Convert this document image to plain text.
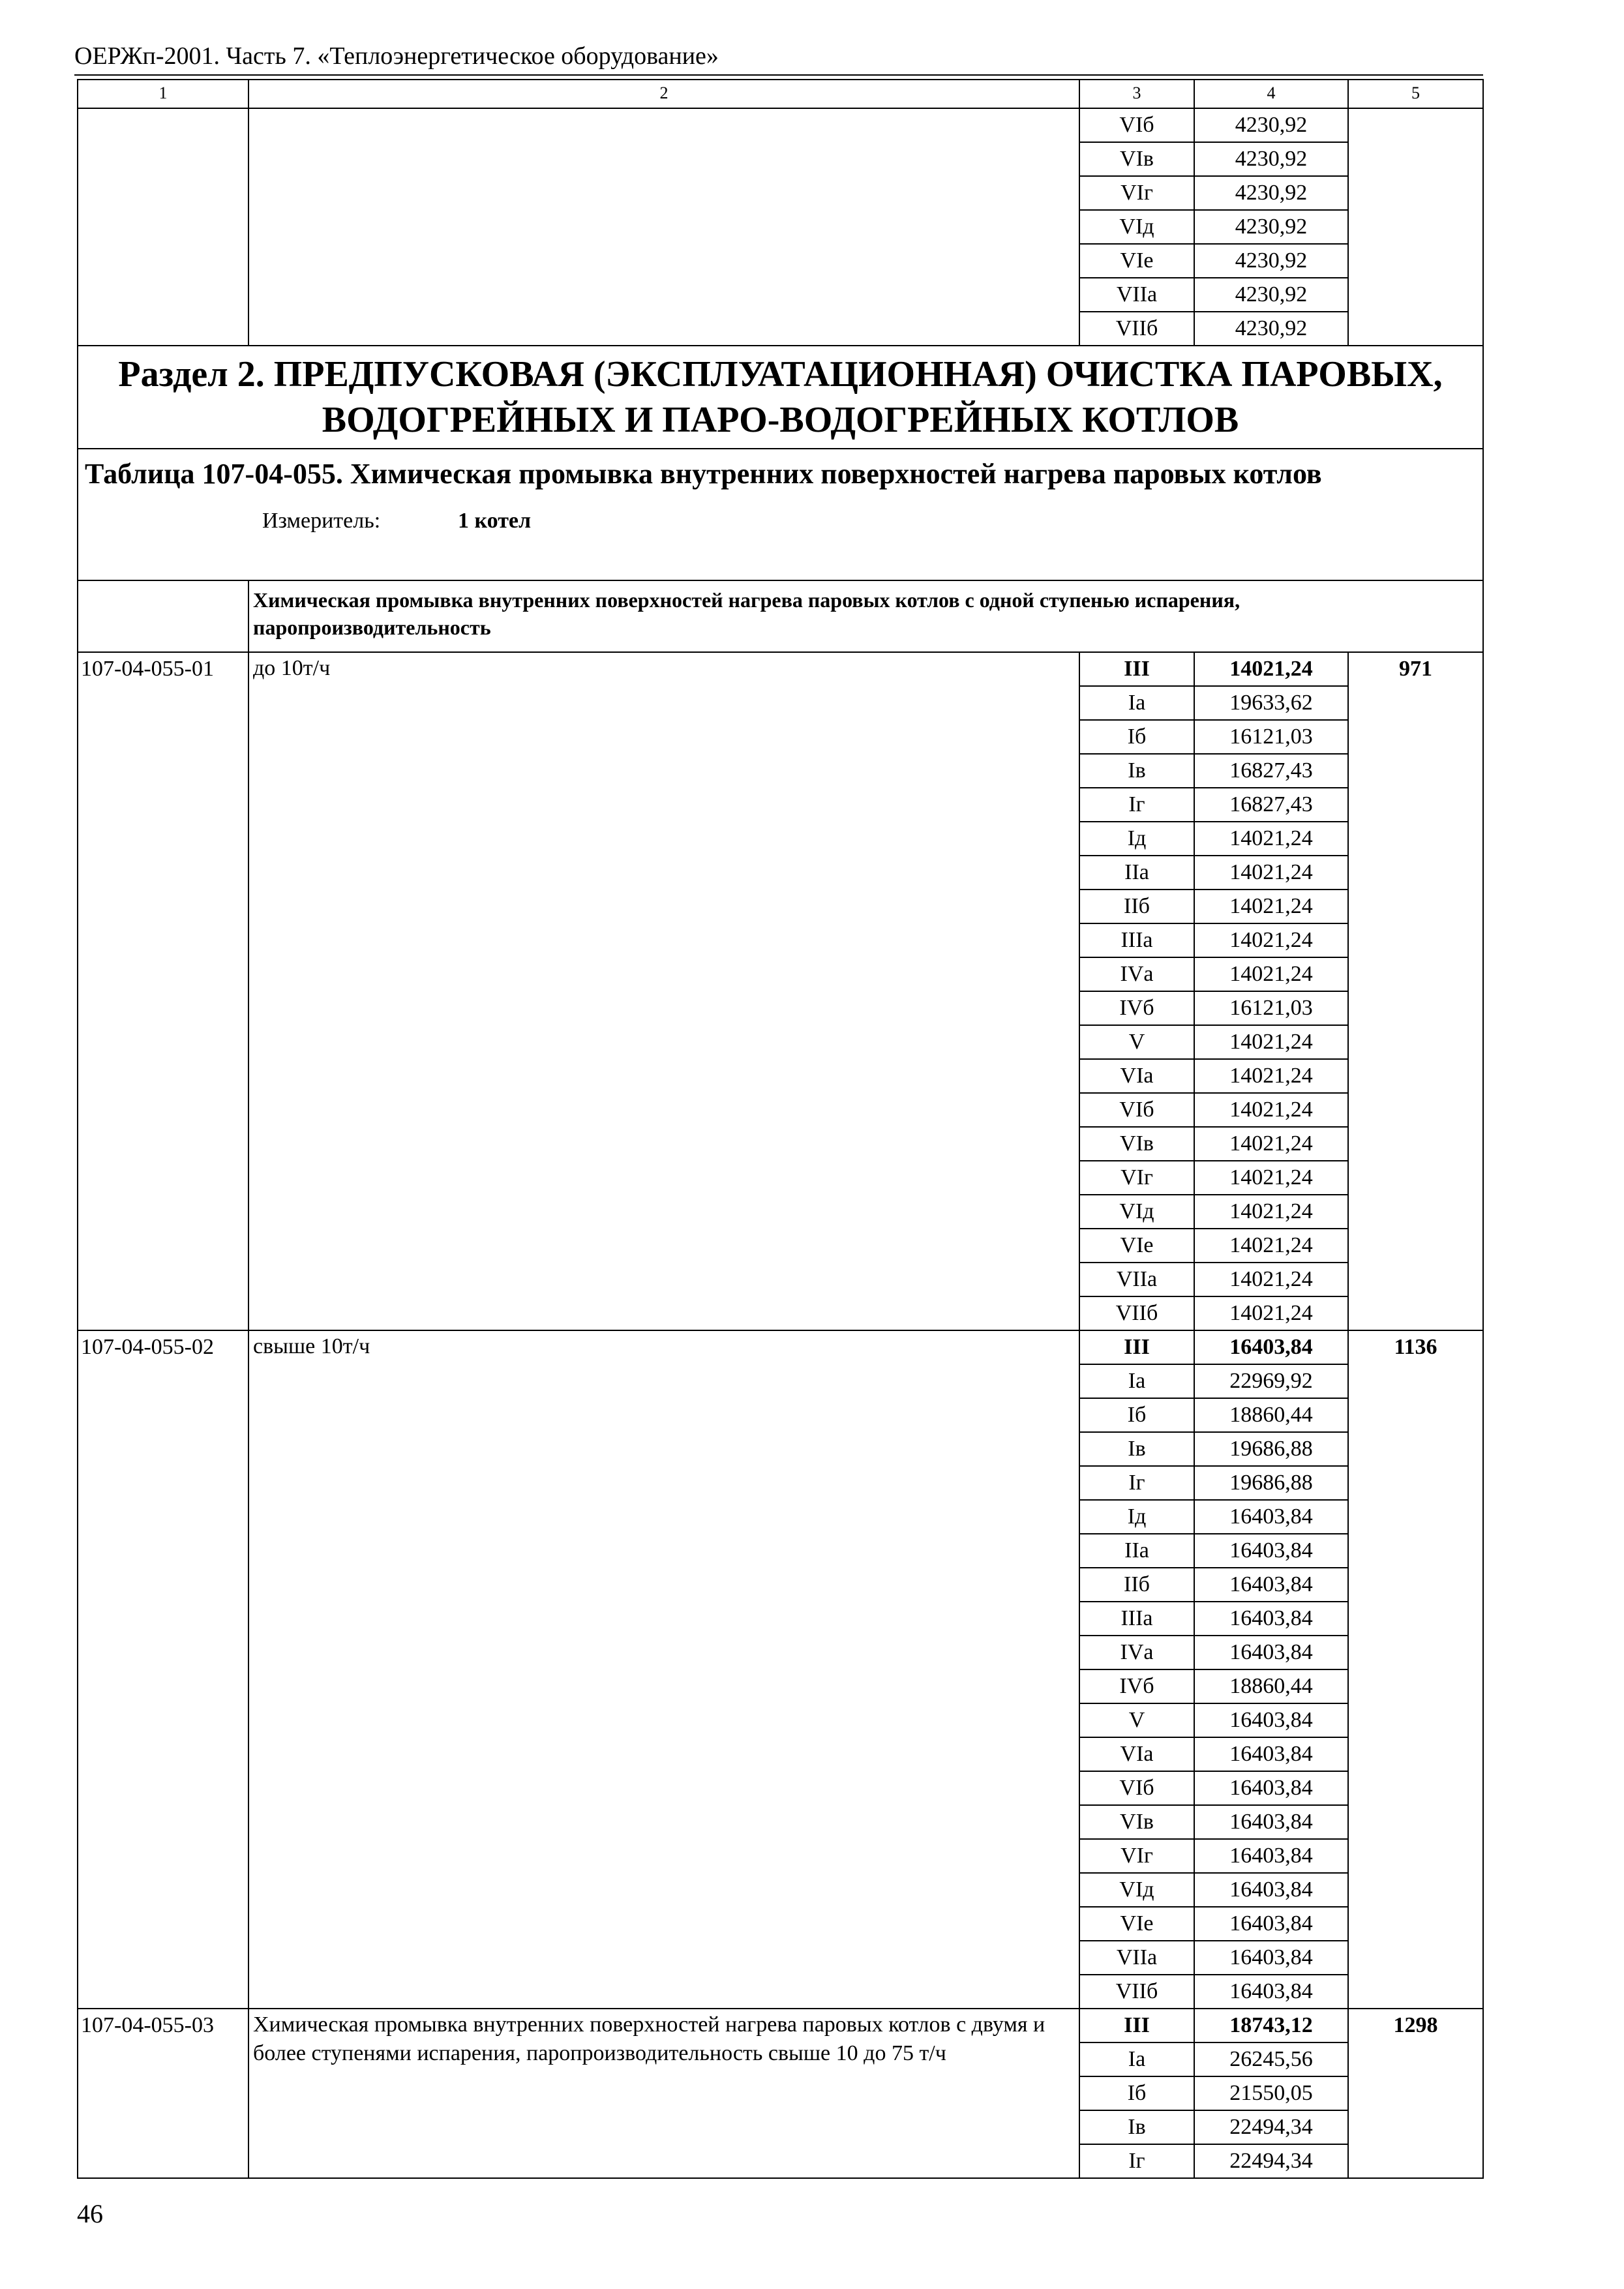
ОЕРЖп-2001. Часть 7. «Теплоэнергетическое оборудование»
1	2	3	4	5
		VIб	4230,92	
		VIв	4230,92	
		VIг	4230,92	
		VIд	4230,92	
		VIе	4230,92	
		VIIа	4230,92	
		VIIб	4230,92	
Раздел 2. ПРЕДПУСКОВАЯ (ЭКСПЛУАТАЦИОННАЯ) ОЧИСТКА ПАРОВЫХ, ВОДОГРЕЙНЫХ И ПАРО-ВОДОГРЕЙНЫХ КОТЛОВ				

Таблица 107-04-055. Химическая промывка внутренних поверхностей нагрева паровых котлов
Измеритель: 1 котел				

	Химическая промывка внутренних поверхностей нагрева паровых котлов с одной ступенью испарения, паропроизводительность			
107-04-055-01	до 10т/ч	III	14021,24	971
		Iа	19633,62	
		Iб	16121,03	
		Iв	16827,43	
		Iг	16827,43	
		Iд	14021,24	
		IIа	14021,24	
		IIб	14021,24	
		IIIа	14021,24	
		IVа	14021,24	
		IVб	16121,03	
		V	14021,24	
		VIа	14021,24	
		VIб	14021,24	
		VIв	14021,24	
		VIг	14021,24	
		VIд	14021,24	
		VIе	14021,24	
		VIIа	14021,24	
		VIIб	14021,24	
107-04-055-02	свыше 10т/ч	III	16403,84	1136
		Iа	22969,92	
		Iб	18860,44	
		Iв	19686,88	
		Iг	19686,88	
		Iд	16403,84	
		IIа	16403,84	
		IIб	16403,84	
		IIIа	16403,84	
		IVа	16403,84	
		IVб	18860,44	
		V	16403,84	
		VIа	16403,84	
		VIб	16403,84	
		VIв	16403,84	
		VIг	16403,84	
		VIд	16403,84	
		VIе	16403,84	
		VIIа	16403,84	
		VIIб	16403,84	
107-04-055-03	Химическая промывка внутренних поверхностей нагрева паровых котлов с двумя и более ступенями испарения, паропроизводительность свыше 10 до 75 т/ч	III	18743,12	1298
		Iа	26245,56	
		Iб	21550,05	
		Iв	22494,34	
		Iг	22494,34	
46
